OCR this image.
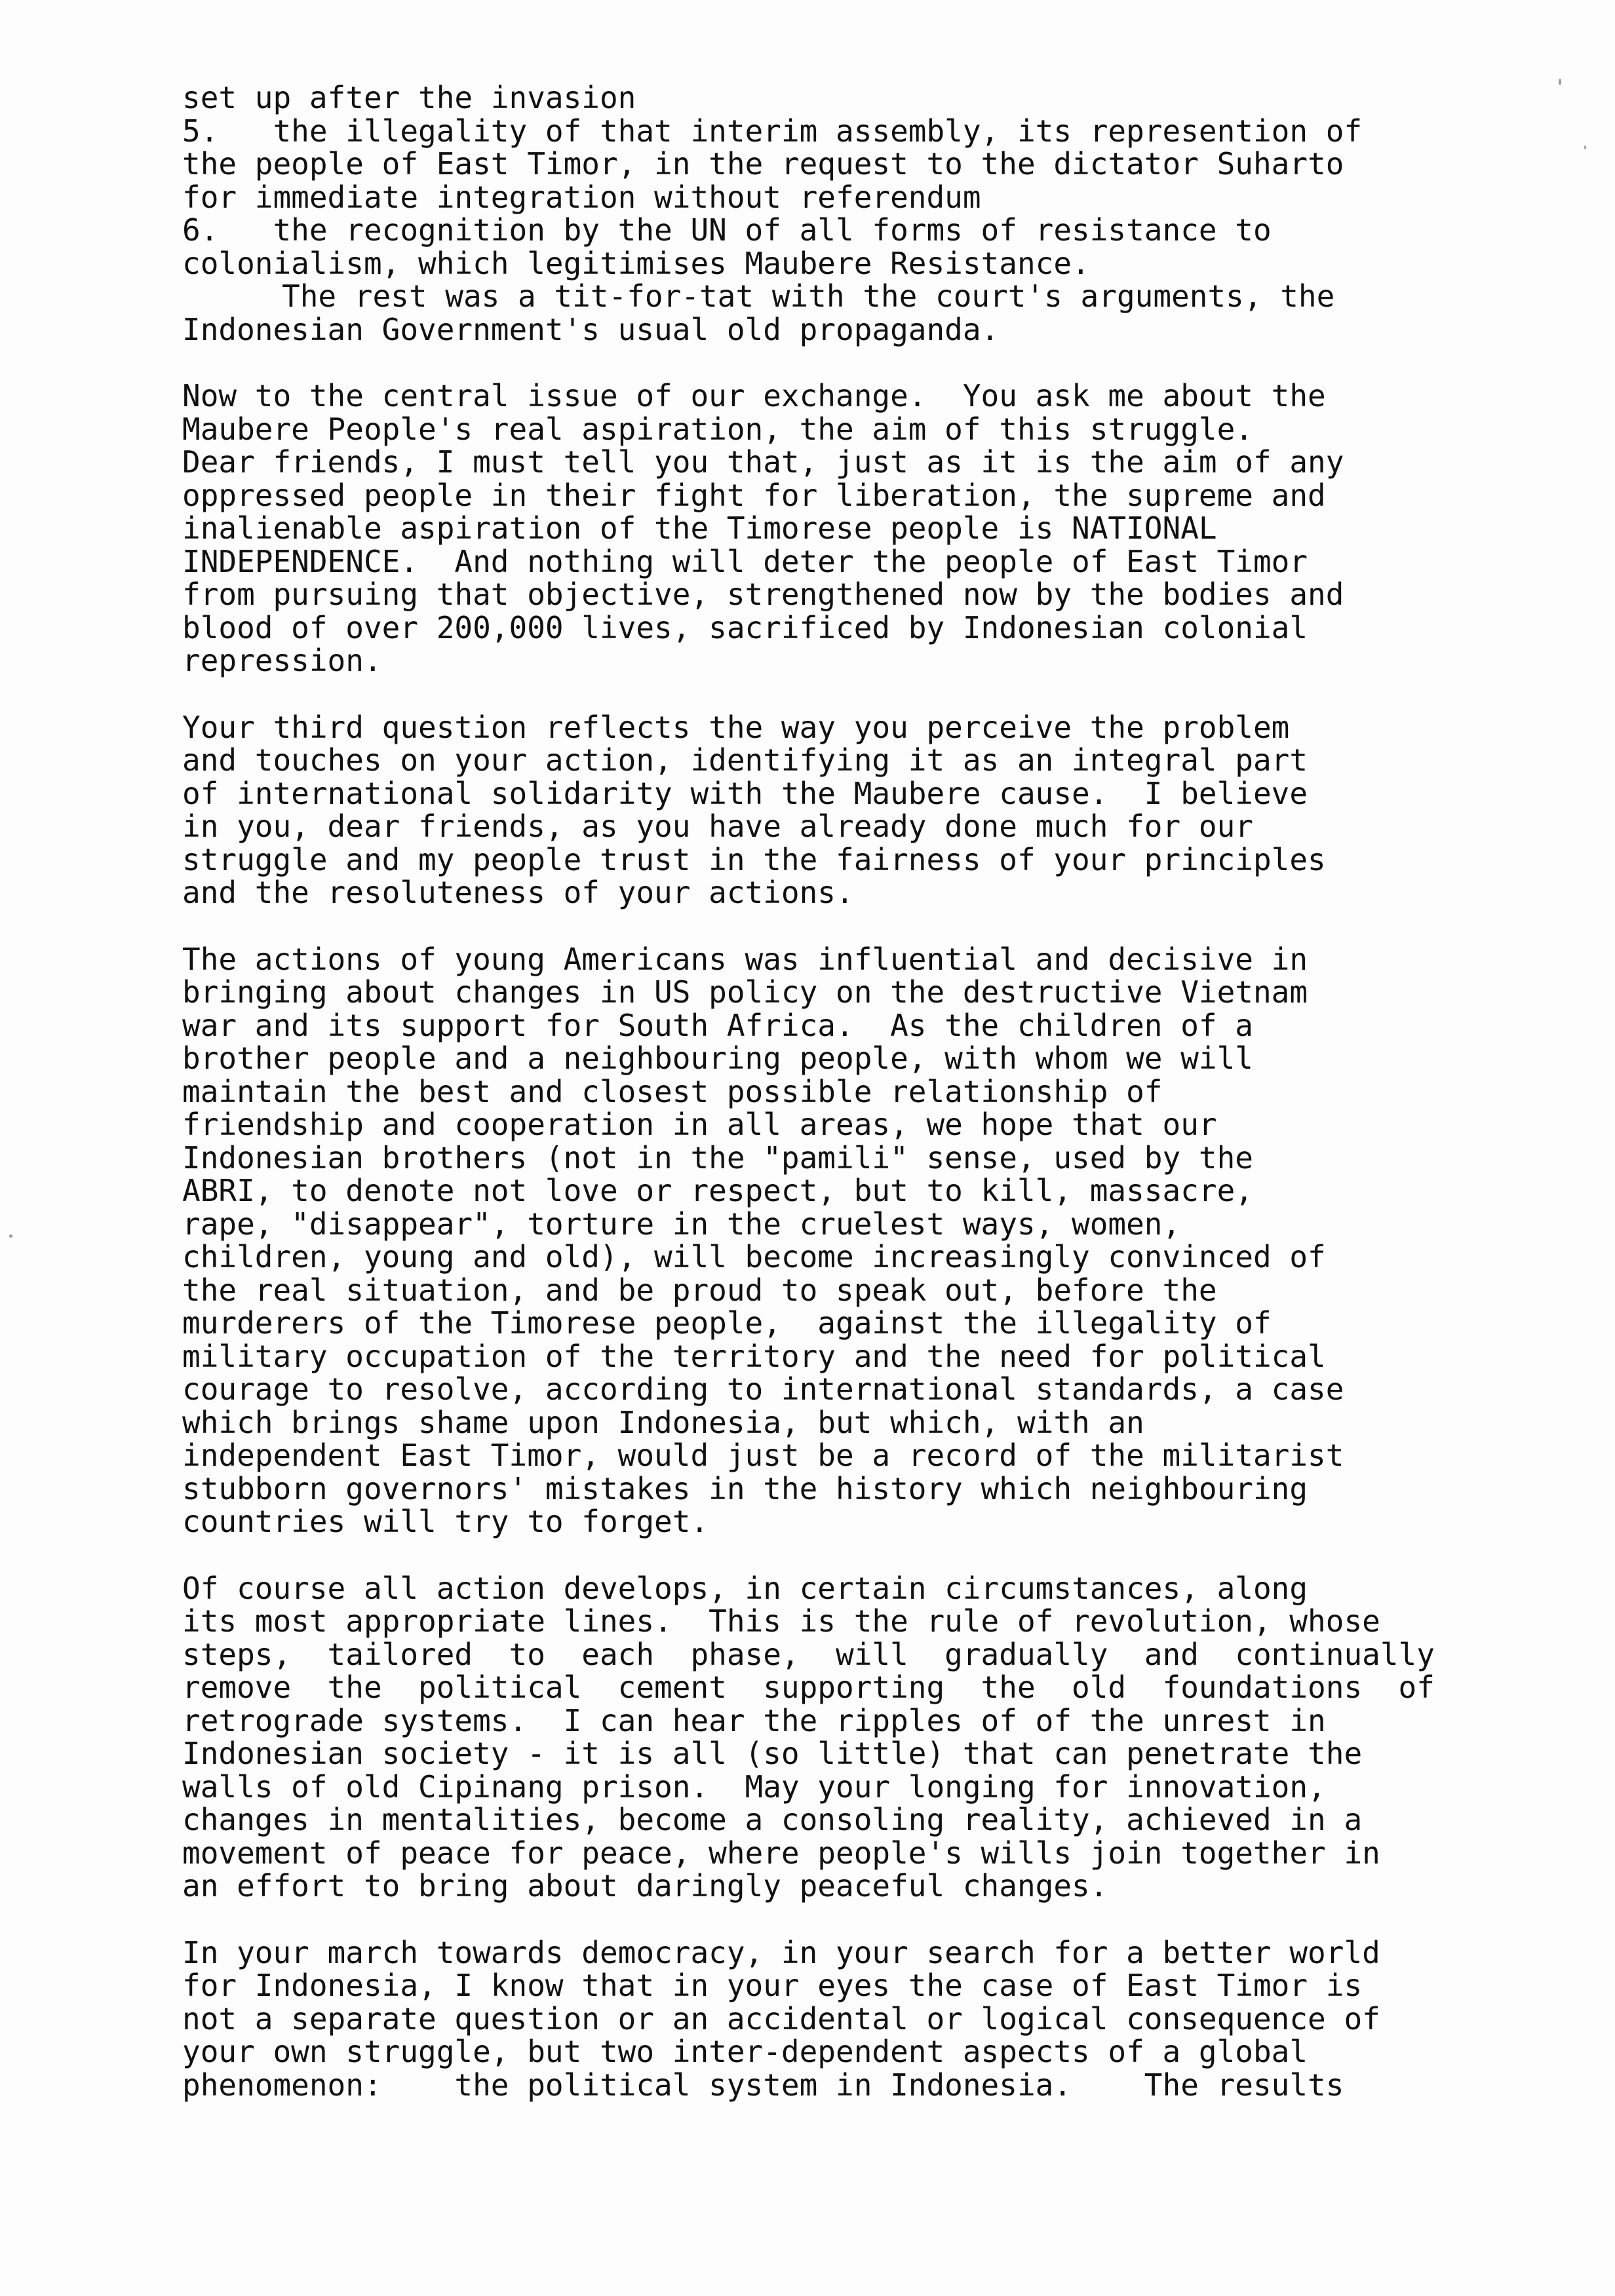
set up after the invasion
5.   the illegality of that interim assembly, its represention of
the people of East Timor, in the request to the dictator Suharto
for immediate integration without referendum
6.   the recognition by the UN of all forms of resistance to
colonialism, which legitimises Maubere Resistance.
The rest was a tit-for-tat with the court's arguments, the
Indonesian Government's usual old propaganda.
Now to the central issue of our exchange.  You ask me about the
Maubere People's real aspiration, the aim of this struggle.
Dear friends, I must tell you that, just as it is the aim of any
oppressed people in their fight for liberation, the supreme and
inalienable aspiration of the Timorese people is NATIONAL
INDEPENDENCE.  And nothing will deter the people of East Timor
from pursuing that objective, strengthened now by the bodies and
blood of over 200,000 lives, sacrificed by Indonesian colonial
repression.
Your third question reflects the way you perceive the problem
and touches on your action, identifying it as an integral part
of international solidarity with the Maubere cause.  I believe
in you, dear friends, as you have already done much for our
struggle and my people trust in the fairness of your principles
and the resoluteness of your actions.
The actions of young Americans was influential and decisive in
bringing about changes in US policy on the destructive Vietnam
war and its support for South Africa.  As the children of a
brother people and a neighbouring people, with whom we will
maintain the best and closest possible relationship of
friendship and cooperation in all areas, we hope that our
Indonesian brothers (not in the "pamili" sense, used by the
ABRI, to denote not love or respect, but to kill, massacre,
rape, "disappear", torture in the cruelest ways, women,
children, young and old), will become increasingly convinced of
the real situation, and be proud to speak out, before the
murderers of the Timorese people,  against the illegality of
military occupation of the territory and the need for political
courage to resolve, according to international standards, a case
which brings shame upon Indonesia, but which, with an
independent East Timor, would just be a record of the militarist
stubborn governors' mistakes in the history which neighbouring
countries will try to forget.
Of course all action develops, in certain circumstances, along
its most appropriate lines.  This is the rule of revolution, whose
steps,  tailored  to  each  phase,  will  gradually  and  continually
remove  the  political  cement  supporting  the  old  foundations  of
retrograde systems.  I can hear the ripples of of the unrest in
Indonesian society - it is all (so little) that can penetrate the
walls of old Cipinang prison.  May your longing for innovation,
changes in mentalities, become a consoling reality, achieved in a
movement of peace for peace, where people's wills join together in
an effort to bring about daringly peaceful changes.
In your march towards democracy, in your search for a better world
for Indonesia, I know that in your eyes the case of East Timor is
not a separate question or an accidental or logical consequence of
your own struggle, but two inter-dependent aspects of a global
phenomenon:    the political system in Indonesia.    The results
